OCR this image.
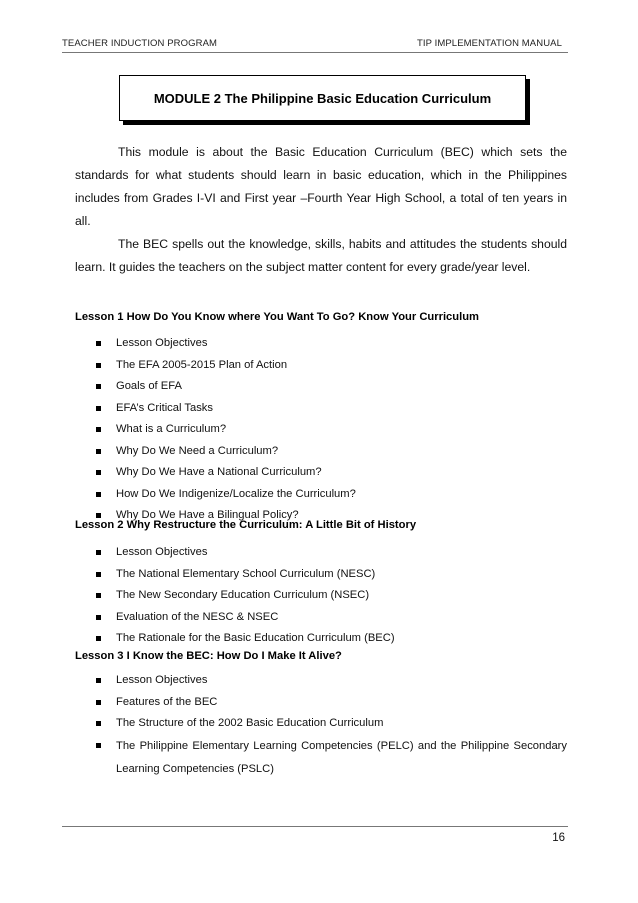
TEACHER INDUCTION PROGRAM	TIP IMPLEMENTATION MANUAL
MODULE 2 The Philippine Basic Education Curriculum

This module is about the Basic Education Curriculum (BEC) which sets the standards for what students should learn in basic education, which in the Philippines includes from Grades I-VI and First year –Fourth Year High School, a total of ten years in all.

The BEC spells out the knowledge, skills, habits and attitudes the students should learn. It guides the teachers on the subject matter content for every grade/year level.

Lesson 1 How Do You Know where You Want To Go? Know Your Curriculum
Lesson Objectives
The EFA 2005-2015 Plan of Action
Goals of EFA
EFA’s Critical Tasks
What is a Curriculum?
Why Do We Need a Curriculum?
Why Do We Have a National Curriculum?
How Do We Indigenize/Localize the Curriculum?
Why Do We Have a Bilingual Policy?
Lesson 2 Why Restructure the Curriculum: A Little Bit of History
Lesson Objectives
The National Elementary School Curriculum (NESC)
The New Secondary Education Curriculum (NSEC)
Evaluation of the NESC & NSEC
The Rationale for the Basic Education Curriculum (BEC)
Lesson 3 I Know the BEC: How Do I Make It Alive?
Lesson Objectives
Features of the BEC
The Structure of the 2002 Basic Education Curriculum
The Philippine Elementary Learning Competencies (PELC) and the Philippine Secondary Learning Competencies (PSLC)
16
